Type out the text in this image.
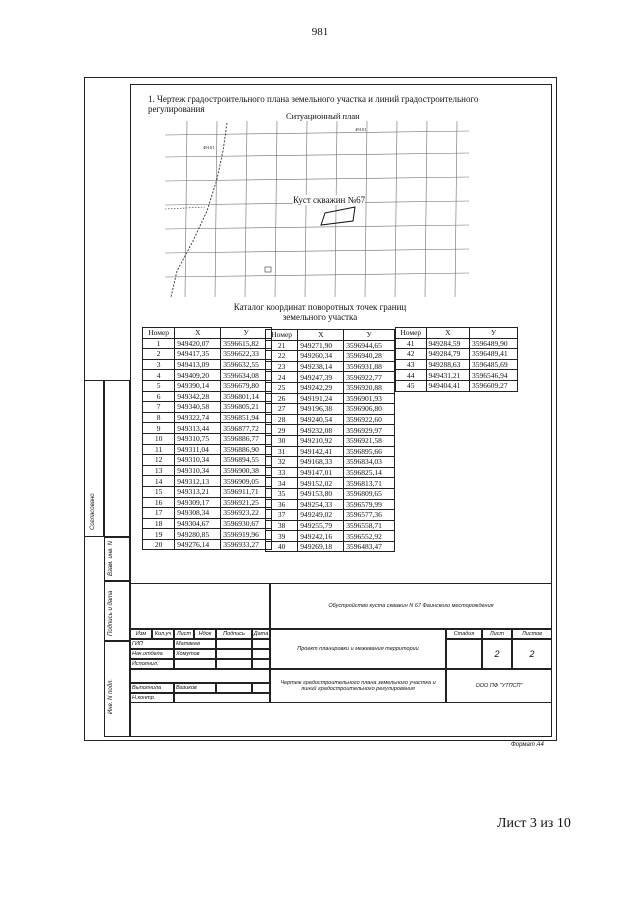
981
1. Чертеж градостроительного плана земельного участка и линий градостроительного регулирования
Ситуационный план
49101
49101
Куст скважин №67
Каталог координат поворотных точек границ земельного участка
Номер	X	У
1	949420,07	3596615,82
2	949417,35	3596622,33
3	949413,09	3596632,55
4	949409,20	3596634,08
5	949390,14	3596679,80
6	949342,28	3596801,14
7	949340,58	3596805,21
8	949322,74	3596851,94
9	949313,44	3596877,72
10	949310,75	3596886,77
11	949311,04	3596886,90
12	949310,34	3596894,55
13	949310,34	3596900,38
14	949312,13	3596909,05
15	949313,21	3596911,71
16	949309,17	3596921,25
17	949308,34	3596923,22
18	949304,67	3596930,67
19	949280,85	3596919,96
20	949276,14	3596933,27
Номер	X	У
21	949271,90	3596944,65
22	949260,34	3596940,28
23	949238,14	3596931,88
24	949247,39	3596922,77
25	949242,29	3596920,88
26	949191,24	3596901,93
27	949196,38	3596906,80
28	949240,54	3596922,60
29	949232,08	3596929,97
30	949210,92	3596921,58
31	949142,41	3596895,66
32	949168,33	3596834,03
33	949147,01	3596825,14
34	949152,02	3596813,71
35	949153,80	3596809,65
36	949254,33	3596579,99
37	949249,02	3596577,36
38	949255,79	3596558,71
39	949242,16	3596552,92
40	949269,18	3596483,47
Номер	X	У
41	949284,59	3596489,90
42	949284,79	3596489,41
43	949288,63	3596485,69
44	949431,21	3596546,94
45	949404,41	3596609,27
Согласовано
Взам. инв. N
Подпись и дата
Инв. N подл.
Обустройство куста скважин N 67 Фаинского месторождения
Изм	Кол.уч	Лист	Ндок	Подпись	Дата
ГИП	Матвеев
Нач.отдела	Хомутов
Исполнил.
Выполнила	Вазиков
Н.контр.
Проект планировки и межевания территории
Стадия	Лист	Листов
2	2
Чертеж градостроительного плана земельного участка и линий градостроительного регулирования	ООО ПФ "УТПСП"
Формат А4
Лист 3 из 10
